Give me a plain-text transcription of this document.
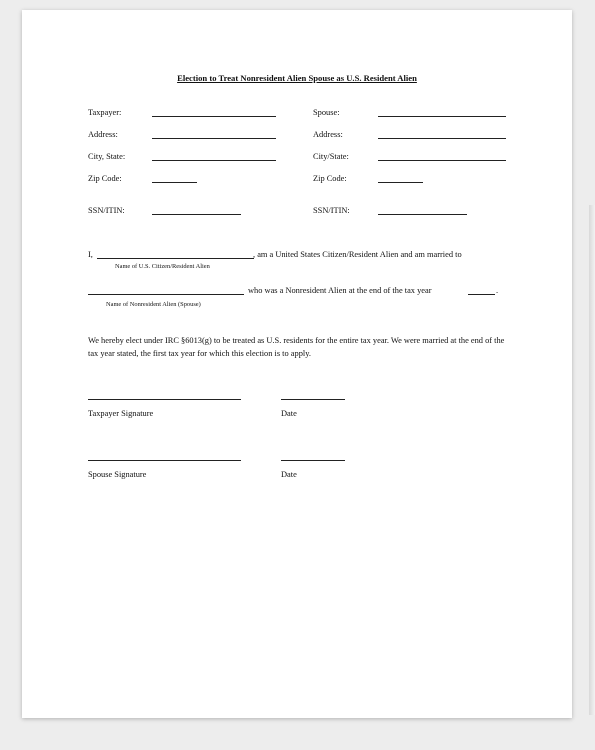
Election to Treat Nonresident Alien Spouse as U.S. Resident Alien
Taxpayer:	Spouse:
Address:	Address:
City, State:	City/State:
Zip Code:	Zip Code:
SSN/ITIN:	SSN/ITIN:
I,	, am a United States Citizen/Resident Alien and am married to
Name of U.S. Citizen/Resident Alien
who was a Nonresident Alien at the end of the tax year	.
Name of Nonresident Alien (Spouse)
We hereby elect under IRC §6013(g) to be treated as U.S. residents for the entire tax year. We were married at the end of the tax year stated, the first tax year for which this election is to apply.
Taxpayer Signature	Date
Spouse Signature	Date
